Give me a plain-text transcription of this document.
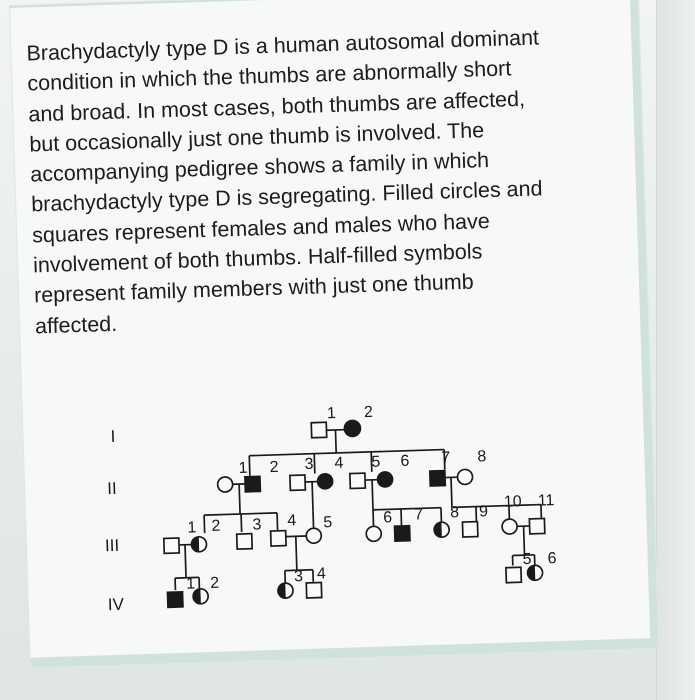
Brachydactyly type D is a human autosomal dominant
condition in which the thumbs are abnormally short
and broad. In most cases, both thumbs are affected,
but occasionally just one thumb is involved. The
accompanying pedigree shows a family in which
brachydactyly type D is segregating. Filled circles and
squares represent females and males who have
involvement of both thumbs. Half-filled symbols
represent family members with just one thumb
affected.

I
II
III
IV
1 2
1 2 3 4 5 6 7 8
1 2 3 4 5	6 7 8 9
10 11
1 2	3 4
5 6
